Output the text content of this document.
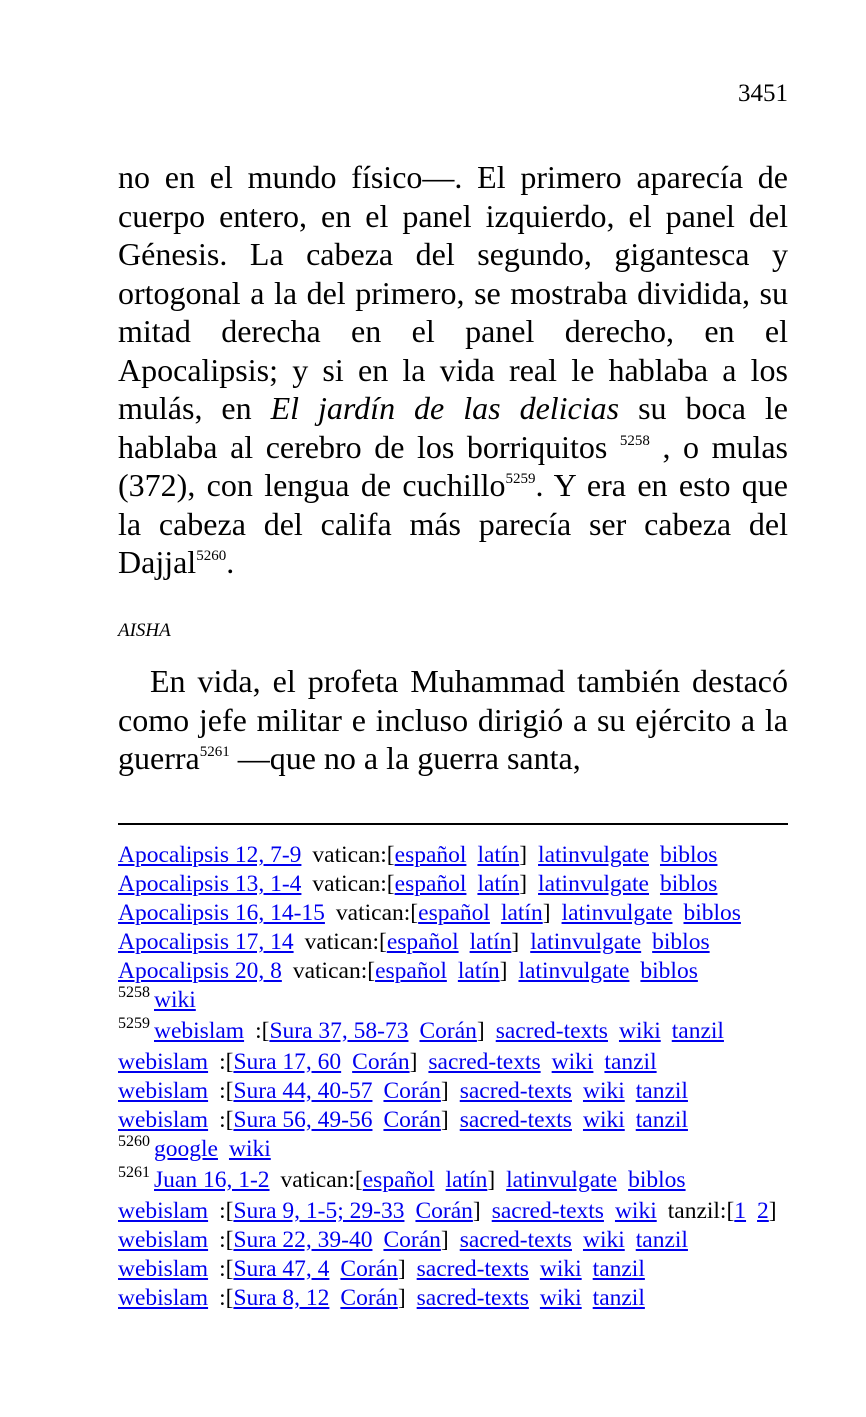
3451

no en el mundo físico—. El primero aparecía de cuerpo entero, en el panel izquierdo, el panel del Génesis. La cabeza del segundo, gigantesca y ortogonal a la del primero, se mostraba dividida, su mitad derecha en el panel derecho, en el Apocalipsis; y si en la vida real le hablaba a los mulás, en El jardín de las delicias su boca le hablaba al cerebro de los borriquitos $^{5258}$ , o mulas (372), con lengua de cuchillo$^{5259}$. Y era en esto que la cabeza del califa más parecía ser cabeza del Dajjal$^{5260}$.

AISHA

En vida, el profeta Muhammad también destacó como jefe militar e incluso dirigió a su ejército a la guerra$^{5261}$ —que no a la guerra santa,

Apocalipsis 12, 7-9 vatican:[ español latín ] latinvulgate biblos
Apocalipsis 13, 1-4 vatican:[ español latín ] latinvulgate biblos
Apocalipsis 16, 14-15 vatican:[ español latín ] latinvulgate biblos
Apocalipsis 17, 14 vatican:[ español latín ] latinvulgate biblos
Apocalipsis 20, 8 vatican:[ español latín ] latinvulgate biblos
5258 wiki
5259 webislam :[ Sura 37, 58-73 Corán ] sacred-texts wiki tanzil
webislam :[ Sura 17, 60 Corán ] sacred-texts wiki tanzil
webislam :[ Sura 44, 40-57 Corán ] sacred-texts wiki tanzil
webislam :[ Sura 56, 49-56 Corán ] sacred-texts wiki tanzil
5260 google wiki
5261 Juan 16, 1-2 vatican:[ español latín ] latinvulgate biblos
webislam :[ Sura 9, 1-5; 29-33 Corán ] sacred-texts wiki tanzil:[ 1 2 ]
webislam :[ Sura 22, 39-40 Corán ] sacred-texts wiki tanzil
webislam :[ Sura 47, 4 Corán ] sacred-texts wiki tanzil
webislam :[ Sura 8, 12 Corán ] sacred-texts wiki tanzil
